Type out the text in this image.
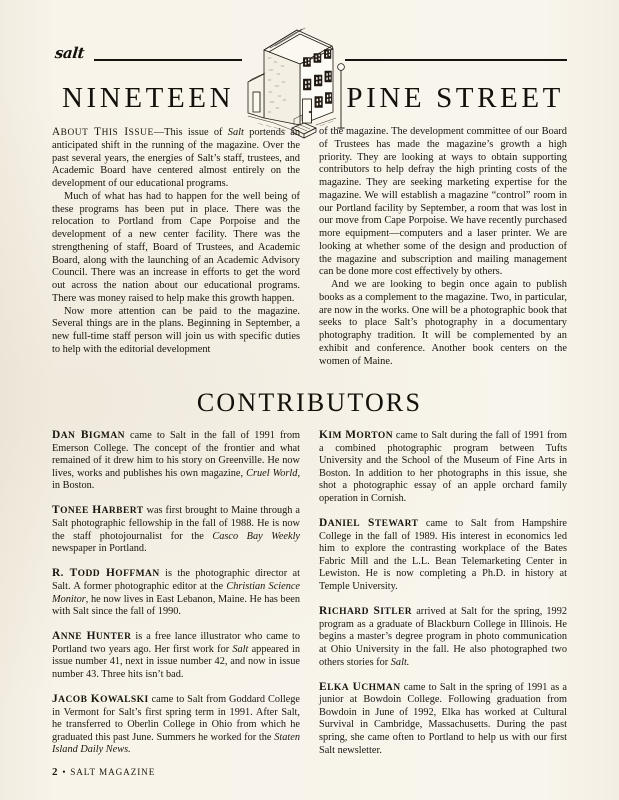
salt
NINETEEN	PINE STREET

ABOUT THIS ISSUE—This issue of Salt portends an anticipated shift in the running of the magazine. Over the past several years, the energies of Salt’s staff, trustees, and Academic Board have centered almost entirely on the development of our educational programs.

Much of what has had to happen for the well being of these programs has been put in place. There was the relocation to Portland from Cape Porpoise and the development of a new center facility. There was the strengthening of staff, Board of Trustees, and Academic Board, along with the launching of an Academic Advisory Council. There was an increase in efforts to get the word out across the nation about our educational programs. There was money raised to help make this growth happen.

Now more attention can be paid to the magazine. Several things are in the plans. Beginning in September, a new full-time staff person will join us with specific duties to help with the editorial development

of the magazine. The development committee of our Board of Trustees has made the magazine’s growth a high priority. They are looking at ways to obtain supporting contributors to help defray the high printing costs of the magazine. They are seeking marketing expertise for the magazine. We will establish a magazine “control” room in our Portland facility by September, a room that was lost in our move from Cape Porpoise. We have recently purchased more equipment—computers and a laser printer. We are looking at whether some of the design and production of the magazine and subscription and mailing management can be done more cost effectively by others.

And we are looking to begin once again to publish books as a complement to the magazine. Two, in particular, are now in the works. One will be a photographic book that seeks to place Salt’s photography in a documentary photography tradition. It will be complemented by an exhibit and conference. Another book centers on the women of Maine.

CONTRIBUTORS

DAN BIGMAN came to Salt in the fall of 1991 from Emerson College. The concept of the frontier and what remained of it drew him to his story on Greenville. He now lives, works and publishes his own magazine, Cruel World, in Boston.

TONEE HARBERT was first brought to Maine through a Salt photographic fellowship in the fall of 1988. He is now the staff photojournalist for the Casco Bay Weekly newspaper in Portland.

R. TODD HOFFMAN is the photographic director at Salt. A former photographic editor at the Christian Science Monitor, he now lives in East Lebanon, Maine. He has been with Salt since the fall of 1990.

ANNE HUNTER is a free lance illustrator who came to Portland two years ago. Her first work for Salt appeared in issue number 41, next in issue number 42, and now in issue number 43. Three hits isn’t bad.

JACOB KOWALSKI came to Salt from Goddard College in Vermont for Salt’s first spring term in 1991. After Salt, he transferred to Oberlin College in Ohio from which he graduated this past June. Summers he worked for the Staten Island Daily News.

KIM MORTON came to Salt during the fall of 1991 from a combined photographic program between Tufts University and the School of the Museum of Fine Arts in Boston. In addition to her photographs in this issue, she shot a photographic essay of an apple orchard family operation in Cornish.

DANIEL STEWART came to Salt from Hampshire College in the fall of 1989. His interest in economics led him to explore the contrasting workplace of the Bates Fabric Mill and the L.L. Bean Telemarketing Center in Lewiston. He is now completing a Ph.D. in history at Temple University.

RICHARD SITLER arrived at Salt for the spring, 1992 program as a graduate of Blackburn College in Illinois. He begins a master’s degree program in photo communication at Ohio University in the fall. He also photographed two others stories for Salt.

ELKA UCHMAN came to Salt in the spring of 1991 as a junior at Bowdoin College. Following graduation from Bowdoin in June of 1992, Elka has worked at Cultural Survival in Cambridge, Massachusetts. During the past spring, she came often to Portland to help us with our first Salt newsletter.

2 • SALT MAGAZINE
